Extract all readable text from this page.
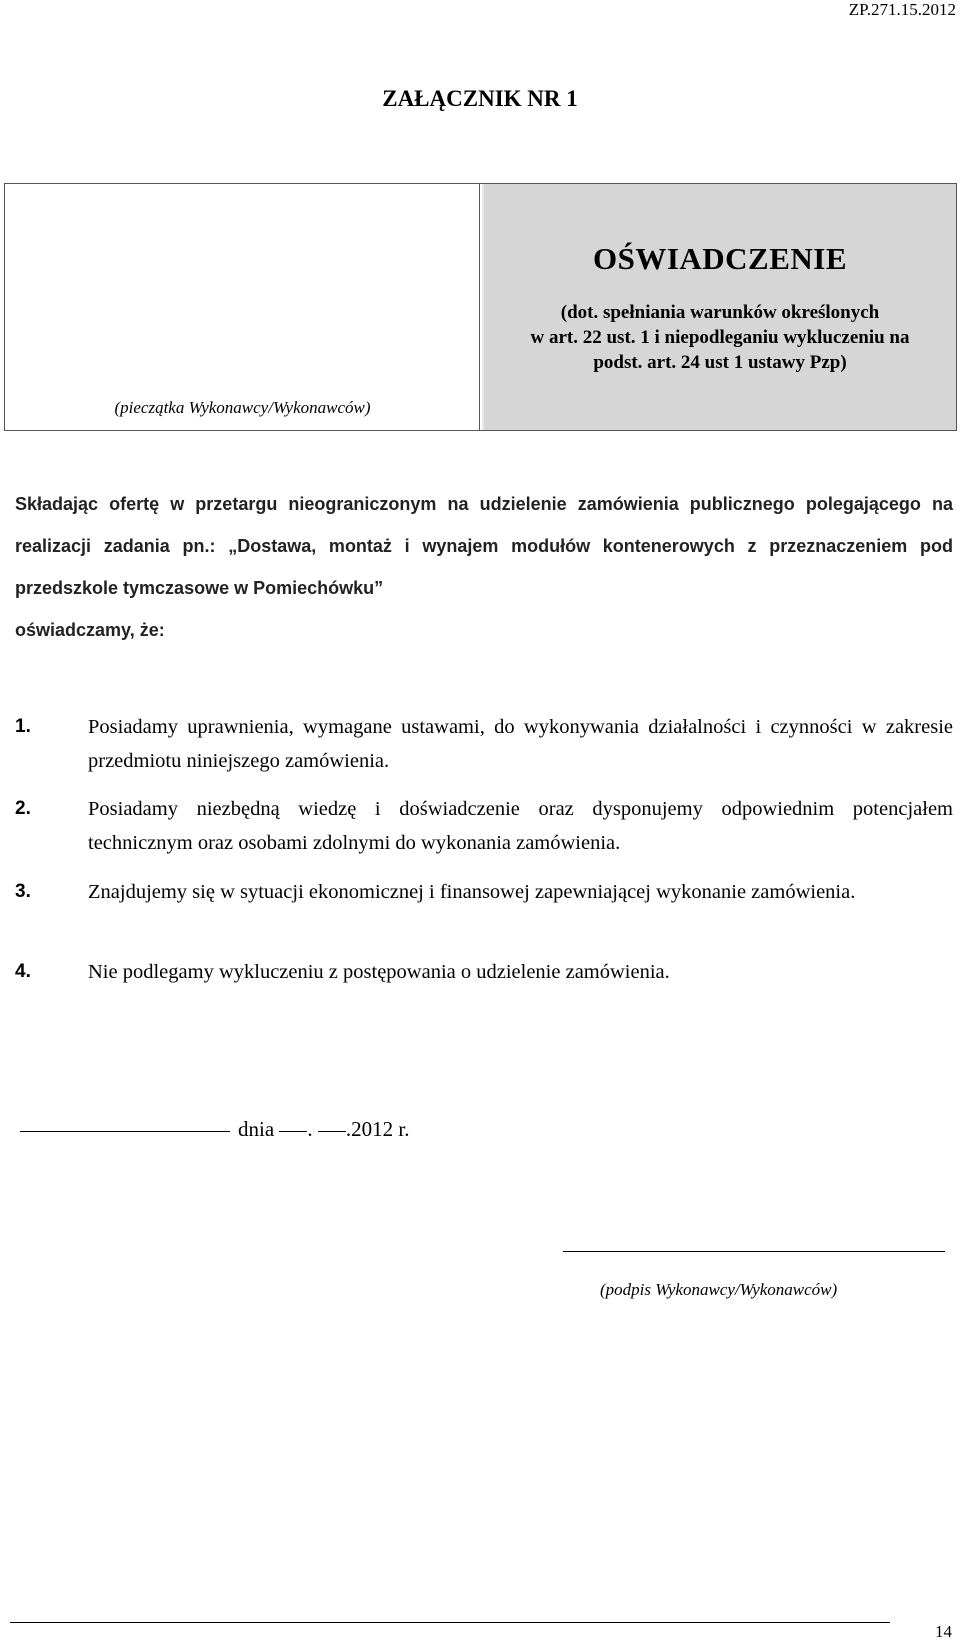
ZP.271.15.2012
ZAŁĄCZNIK NR 1
(pieczątka Wykonawcy/Wykonawców)
OŚWIADCZENIE
(dot. spełniania warunków określonych
w art. 22 ust. 1 i niepodleganiu wykluczeniu na
podst. art. 24 ust 1 ustawy Pzp)
Składając ofertę w przetargu nieograniczonym na udzielenie zamówienia publicznego polegającego na realizacji zadania pn.: „Dostawa, montaż i wynajem modułów kontenerowych z przeznaczeniem pod przedszkole tymczasowe w Pomiechówku”
oświadczamy, że:
1.	Posiadamy uprawnienia, wymagane ustawami, do wykonywania działalności i czynności w zakresie przedmiotu niniejszego zamówienia.
2.	Posiadamy niezbędną wiedzę i doświadczenie oraz dysponujemy odpowiednim potencjałem technicznym oraz osobami zdolnymi do wykonania zamówienia.
3.	Znajdujemy się w sytuacji ekonomicznej i finansowej zapewniającej wykonanie zamówienia.
4.	Nie podlegamy wykluczeniu z postępowania o udzielenie zamówienia.
dnia . .2012 r.
(podpis Wykonawcy/Wykonawców)
14
